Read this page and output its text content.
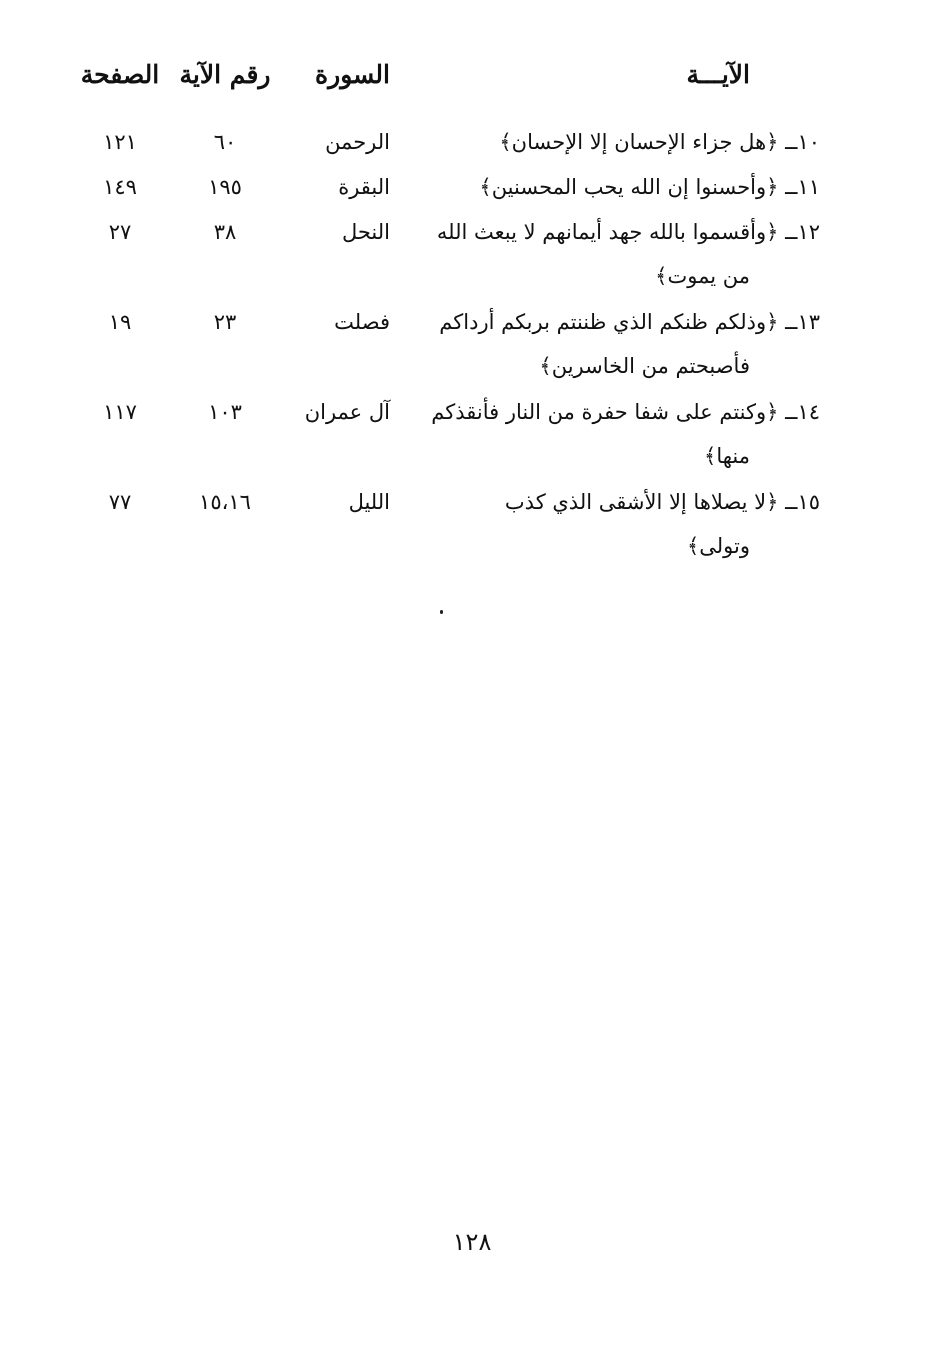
الآيـــة
السورة
رقم الآية
الصفحة
١٠ــ ﴿هل جزاء الإحسان إلا الإحسان﴾
الرحمن
٦٠
١٢١
١١ــ ﴿وأحسنوا إن الله يحب المحسنين﴾
البقرة
١٩٥
١٤٩
١٢ــ ﴿وأقسموا بالله جهد أيمانهم لا يبعث الله
من يموت﴾
النحل
٣٨
٢٧
١٣ــ ﴿وذلكم ظنكم الذي ظننتم بربكم أرداكم
فأصبحتم من الخاسرين﴾
فصلت
٢٣
١٩
١٤ــ ﴿وكنتم على شفا حفرة من النار فأنقذكم
منها﴾
آل عمران
١٠٣
١١٧
١٥ــ ﴿لا يصلاها إلا الأشقى الذي كذب
وتولى﴾
الليل
١٥،١٦
٧٧
١٢٨
